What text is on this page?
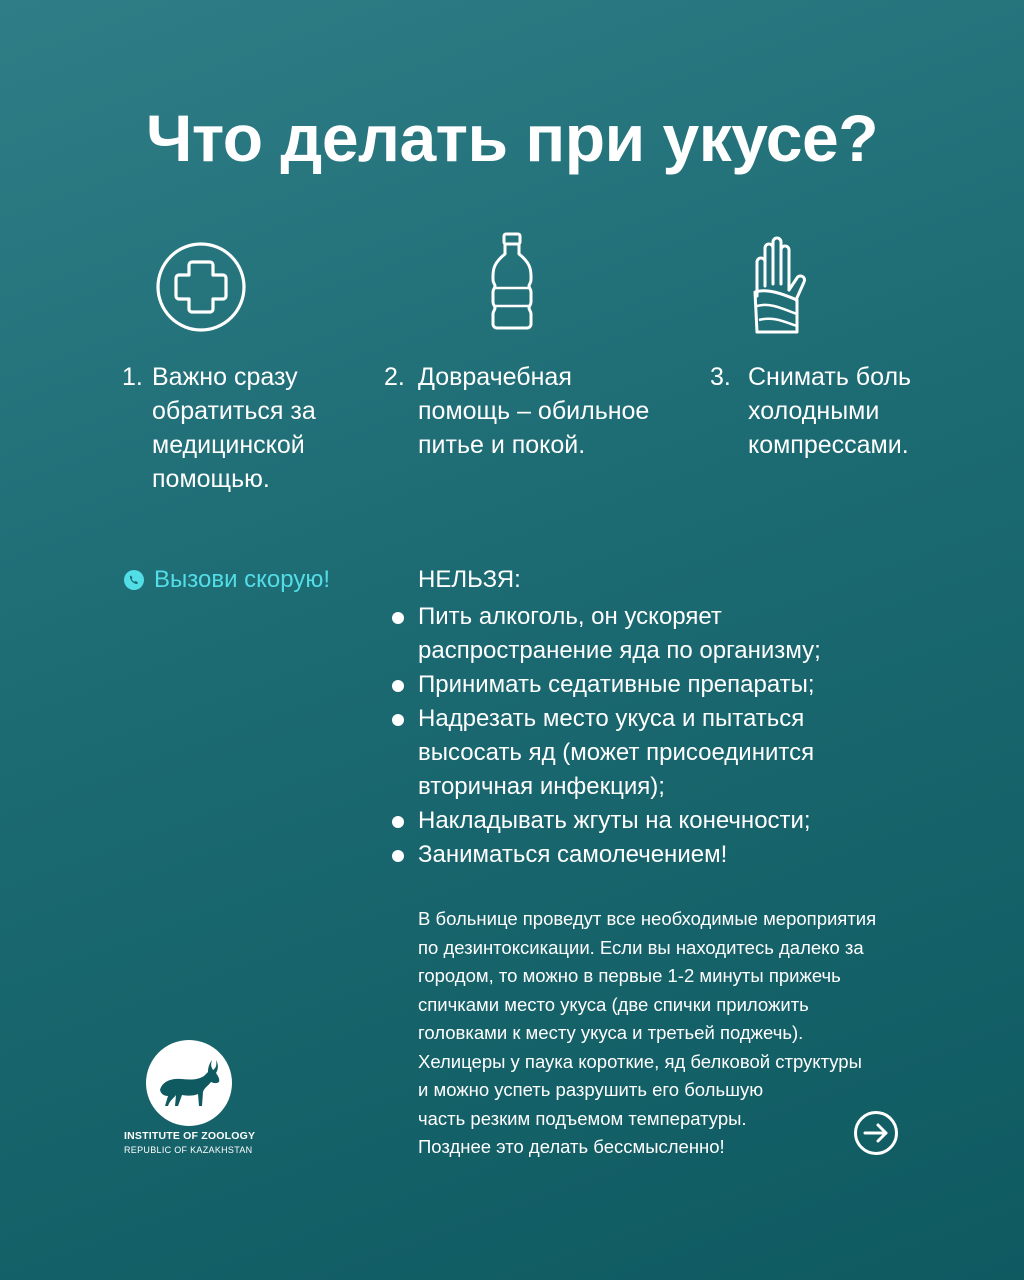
Что делать при укусе?
1. Важно сразу
обратиться за
медицинской
помощью.
2. Доврачебная
помощь – обильное
питье и покой.
3. Снимать боль
холодными
компрессами.
Вызови скорую!	НЕЛЬЗЯ:
Пить алкоголь, он ускоряет
распространение яда по организму;
Принимать седативные препараты;
Надрезать место укуса и пытаться
высосать яд (может присоединится
вторичная инфекция);
Накладывать жгуты на конечности;
Заниматься самолечением!
В больнице проведут все необходимые мероприятия
по дезинтоксикации. Если вы находитесь далеко за
городом, то можно в первые 1-2 минуты прижечь
спичками место укуса (две спички приложить
головками к месту укуса и третьей поджечь).
Хелицеры у паука короткие, яд белковой структуры
и можно успеть разрушить его большую
часть резким подъемом температуры.
Позднее это делать бессмысленно!
INSTITUTE OF ZOOLOGY
REPUBLIC OF KAZAKHSTAN
